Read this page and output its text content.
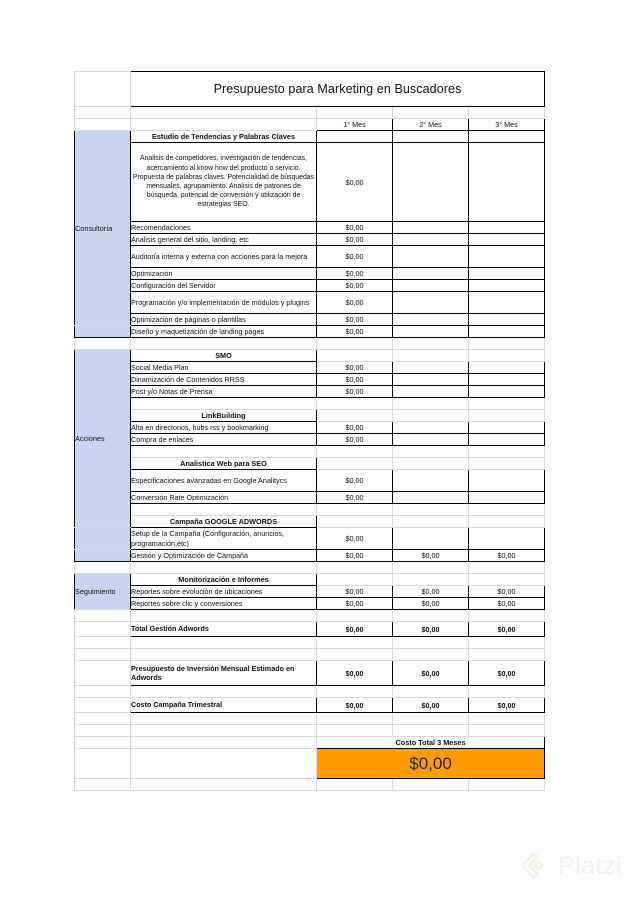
	Presupuesto para Marketing en Buscadores			

		1° Mes	2° Mes	3° Mes
Consultoría	Estudio de Tendencias y Palabras Claves			
	Analisis de competidores, investigación de tendencias, acercamiento al know how del producto o servicio. Propuesta de palabras claves. Potencialidad de búsquedas mensuales, agrupamiento. Analisis de patrones de búsqueda, potencial de conversión y utilización de estrategias SEO.	$0,00		
	Recomendaciones	$0,00		
	Analisis general del sitio, landing, etc	$0,00		
	Auditoría interna y externa con acciones para la mejora	$0,00		
	Optimización	$0,00		
	Configuración del Servidor	$0,00		
	Programación y/o implementación de módulos y plugins	$0,00		
	Optimización de páginas o plantillas	$0,00		
	Diseño y maquetización de landing pages	$0,00		

Acciones	SMO			
	Social Media Plan	$0,00		
	Dinamización de Contenidos RRSS	$0,00		
	Post y/o Notas de Prensa	$0,00		

	LinkBuilding			
	Alta en directorios, hubs rss y bookmarking	$0,00		
	Compra de enlaces	$0,00		

	Analistica Web para SEO			
	Especificaciones avanzadas en Google Analitycs	$0,00		
	Conversión Rate Optimización	$0,00		

	Campaña GOOGLE ADWORDS			
	Setup de la Campaña (Configuración, anuncios, programación,etc)	$0,00		
	Gestión y Optimización de Campaña	$0,00	$0,00	$0,00

Seguimiento	Monitorización e Informes			
	Reportes sobre evolución de ubicaciones	$0,00	$0,00	$0,00
	Reportes sobre clic y conversiones	$0,00	$0,00	$0,00

	Total Gestión Adwords	$0,00	$0,00	$0,00

	Presupuesto de Inversión Mensual Estimado en Adwords	$0,00	$0,00	$0,00

	Costo Campaña Trimestral	$0,00	$0,00	$0,00

		Costo Total 3 Meses		
		$0,00		

Platzi
